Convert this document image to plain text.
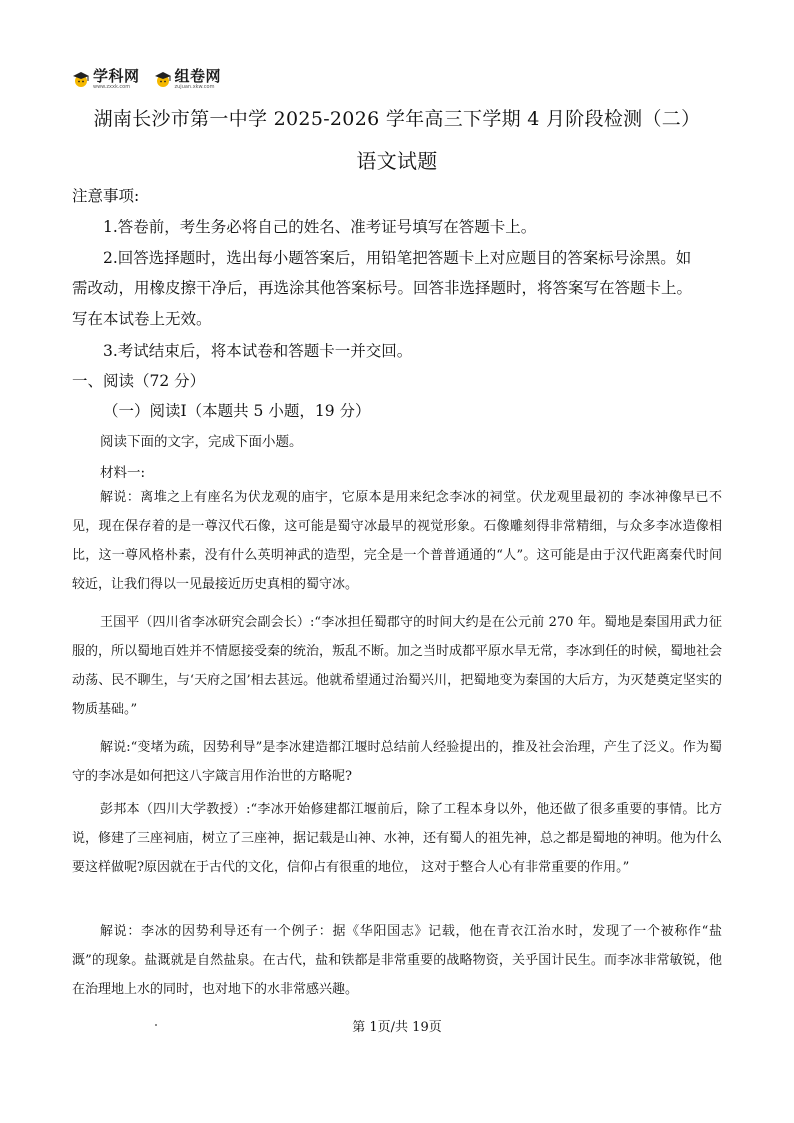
学科网
www.zxxk.com
组卷网
zujuan.xkw.com
湖南长沙市第一中学 2025-2026 学年高三下学期 4 月阶段检测（二）
语文试题
注意事项:
1.答卷前，考生务必将自己的姓名、准考证号填写在答题卡上。
2.回答选择题时，选出每小题答案后，用铅笔把答题卡上对应题目的答案标号涂黑。如
需改动，用橡皮擦干净后，再选涂其他答案标号。回答非选择题时，将答案写在答题卡上。
写在本试卷上无效。
3.考试结束后，将本试卷和答题卡一并交回。
一、阅读（72 分）
（一）阅读Ⅰ（本题共 5 小题，19 分）
阅读下面的文字，完成下面小题。
材料一:
解说：离堆之上有座名为伏龙观的庙宇，它原本是用来纪念李冰的祠堂。伏龙观里最初的 李冰神像早已不见，现在保存着的是一尊汉代石像，这可能是蜀守冰最早的视觉形象。石像雕刻得非常精细，与众多李冰造像相比，这一尊风格朴素，没有什么英明神武的造型，完全是一个普普通通的“人”。这可能是由于汉代距离秦代时间较近，让我们得以一见最接近历史真相的蜀守冰。
王国平（四川省李冰研究会副会长）:“李冰担任蜀郡守的时间大约是在公元前 270 年。蜀地是秦国用武力征服的，所以蜀地百姓并不情愿接受秦的统治，叛乱不断。加之当时成都平原水旱无常，李冰到任的时候，蜀地社会动荡、民不聊生，与‘天府之国’相去甚远。他就希望通过治蜀兴川，把蜀地变为秦国的大后方，为灭楚奠定坚实的物质基础。”
解说:“变堵为疏，因势利导”是李冰建造都江堰时总结前人经验提出的，推及社会治理，产生了泛义。作为蜀守的李冰是如何把这八字箴言用作治世的方略呢?
彭邦本（四川大学教授）:“李冰开始修建都江堰前后，除了工程本身以外，他还做了很多重要的事情。比方说，修建了三座祠庙，树立了三座神，据记载是山神、水神，还有蜀人的祖先神，总之都是蜀地的神明。他为什么要这样做呢?原因就在于古代的文化，信仰占有很重的地位， 这对于整合人心有非常重要的作用。”
解说：李冰的因势利导还有一个例子：据《华阳国志》记载，他在青衣江治水时，发现了一个被称作“盐溉”的现象。盐溉就是自然盐泉。在古代，盐和铁都是非常重要的战略物资，关乎国计民生。而李冰非常敏锐，他在治理地上水的同时，也对地下的水非常感兴趣。
第 1页/共 19页
